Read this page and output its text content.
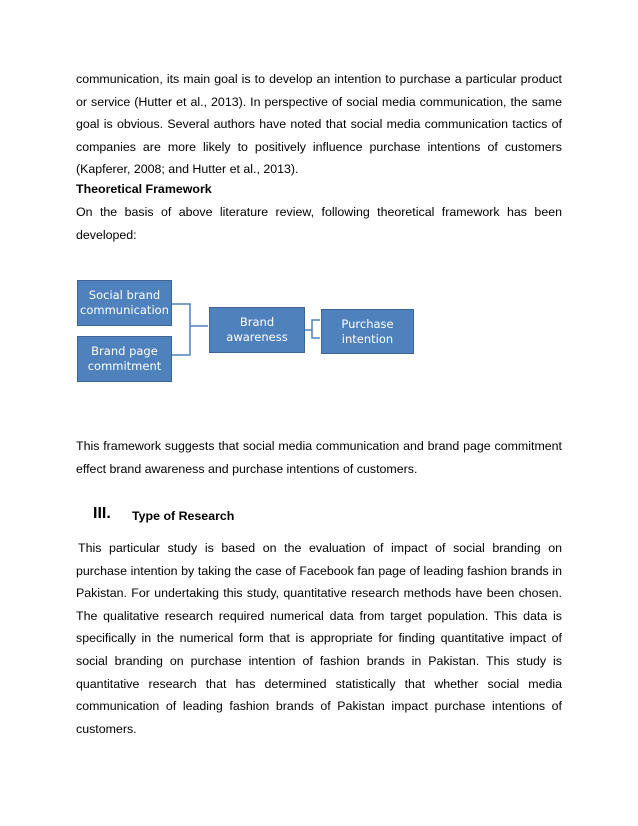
communication, its main goal is to develop an intention to purchase a particular product
or service (Hutter et al., 2013). In perspective of social media communication, the same
goal is obvious. Several authors have noted that social media communication tactics of
companies are more likely to positively influence purchase intentions of customers
(Kapferer, 2008; and Hutter et al., 2013).

Theoretical Framework

On the basis of above literature review, following theoretical framework has been
developed:
Social brand
communication
Brand page
commitment
Brand
awareness
Purchase
intention
This framework suggests that social media communication and brand page commitment
effect brand awareness and purchase intentions of customers.
III. Type of Research
This particular study is based on the evaluation of impact of social branding on
purchase intention by taking the case of Facebook fan page of leading fashion brands in
Pakistan. For undertaking this study, quantitative research methods have been chosen.
The qualitative research required numerical data from target population. This data is
specifically in the numerical form that is appropriate for finding quantitative impact of
social branding on purchase intention of fashion brands in Pakistan. This study is
quantitative research that has determined statistically that whether social media
communication of leading fashion brands of Pakistan impact purchase intentions of
customers.
